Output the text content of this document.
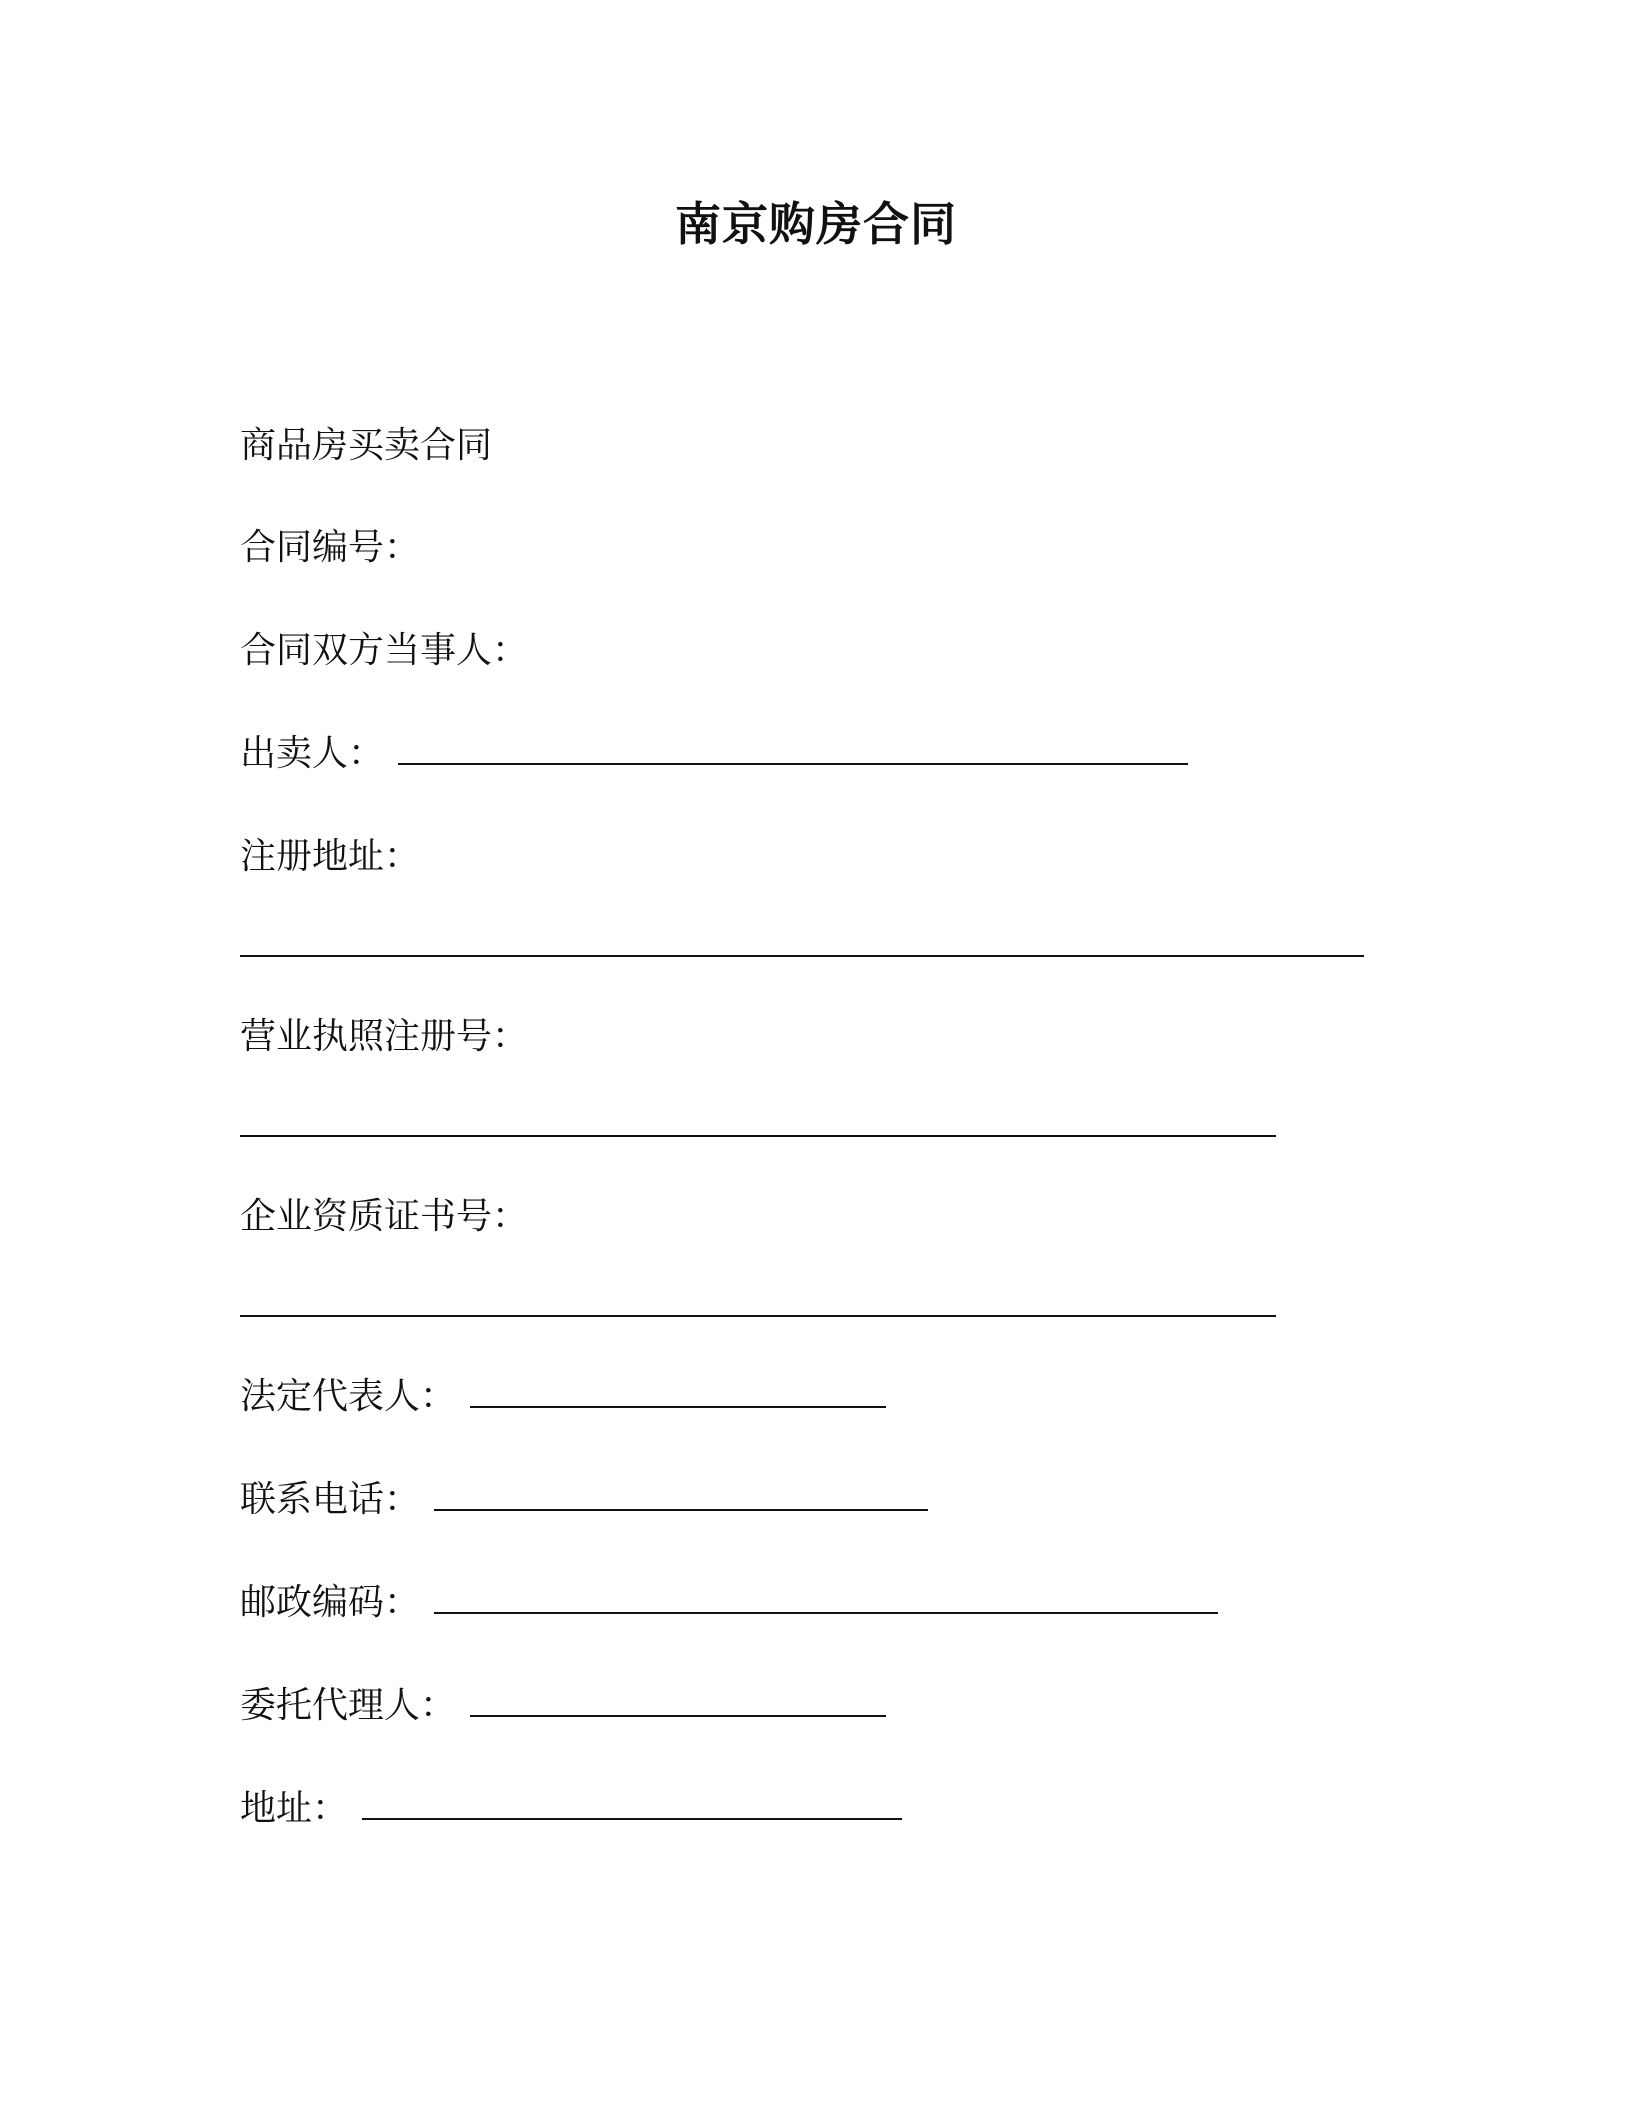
南京购房合同
商品房买卖合同
合同编号：
合同双方当事人：
出卖人：
注册地址：
营业执照注册号：
企业资质证书号：
法定代表人：
联系电话：
邮政编码：
委托代理人：
地址：
